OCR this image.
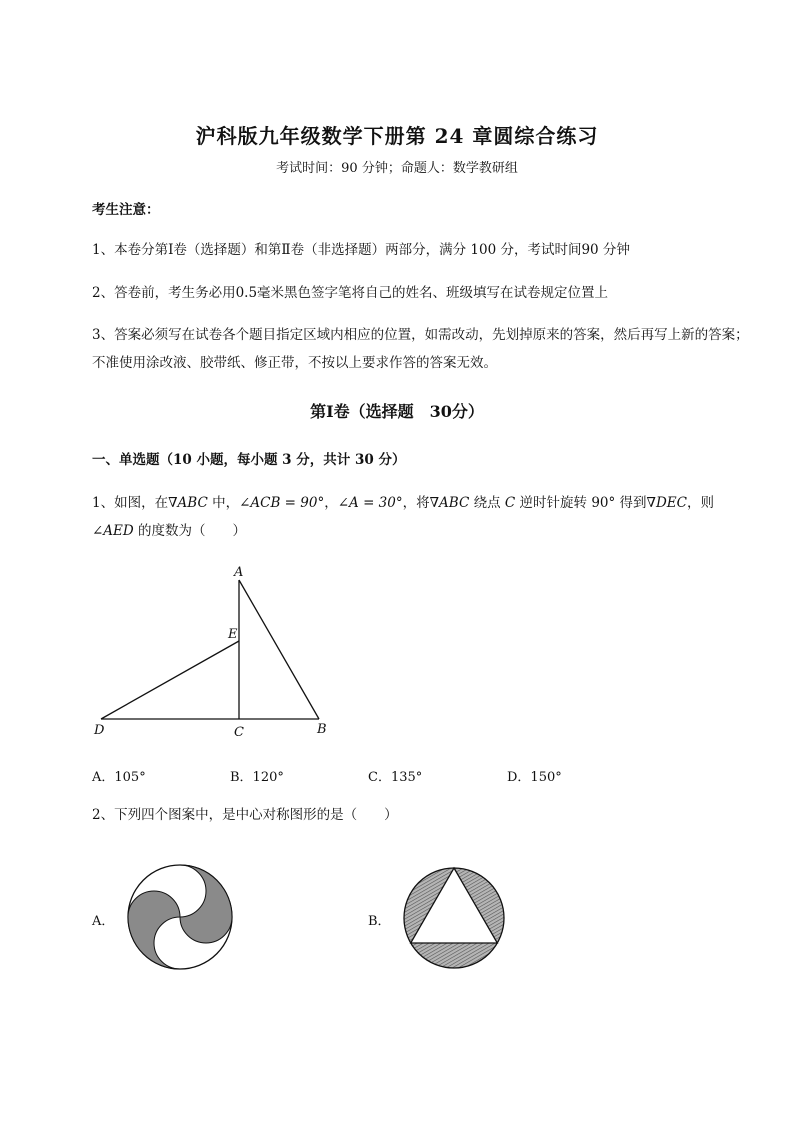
沪科版九年级数学下册第 24 章圆综合练习
考试时间：90 分钟；命题人：数学教研组
考生注意：
1、本卷分第Ⅰ卷（选择题）和第Ⅱ卷（非选择题）两部分，满分 100 分，考试时间90 分钟
2、答卷前，考生务必用0.5毫米黑色签字笔将自己的姓名、班级填写在试卷规定位置上
3、答案必须写在试卷各个题目指定区域内相应的位置，如需改动，先划掉原来的答案，然后再写上新的答案；不准使用涂改液、胶带纸、修正带，不按以上要求作答的答案无效。
第Ⅰ卷（选择题　30分）
一、单选题（10 小题，每小题 3 分，共计 30 分）
1、如图，在∇ABC 中，∠ACB = 90°，∠A = 30°，将∇ABC 绕点 C 逆时针旋转 90° 得到∇DEC，则
∠AED 的度数为（　　）
A
E
D	C	B
A．105°	B．120°	C．135°	D．150°
2、下列四个图案中，是中心对称图形的是（　　）
A．	B．
